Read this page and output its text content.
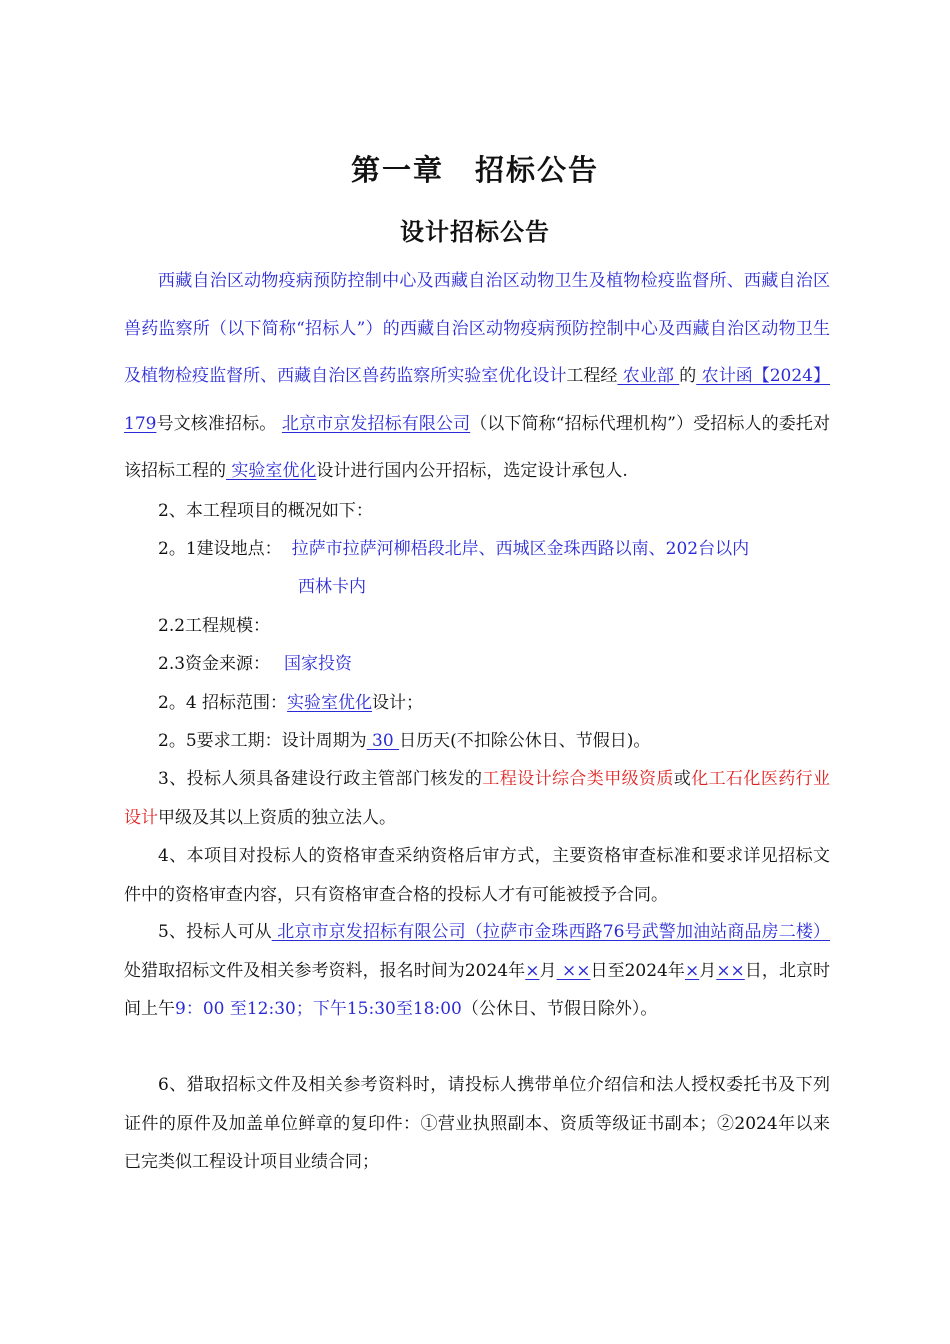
第一章　招标公告
设计招标公告

西藏自治区动物疫病预防控制中心及西藏自治区动物卫生及植物检疫监督所、西藏自治区兽药监察所（以下简称“招标人”）的西藏自治区动物疫病预防控制中心及西藏自治区动物卫生及植物检疫监督所、西藏自治区兽药监察所实验室优化设计工程经 农业部 的 农计函【2024】179号文核准招标。 北京市京发招标有限公司（以下简称“招标代理机构”）受招标人的委托对该招标工程的 实验室优化设计进行国内公开招标，选定设计承包人.

2、本工程项目的概况如下：

2。1建设地点： 拉萨市拉萨河柳梧段北岸、西城区金珠西路以南、202台以内
西林卡内
2.2工程规模：
2.3资金来源： 国家投资
2。4 招标范围：实验室优化设计；
2。5要求工期：设计周期为 30 日历天(不扣除公休日、节假日)。

3、投标人须具备建设行政主管部门核发的工程设计综合类甲级资质或化工石化医药行业设计甲级及其以上资质的独立法人。

4、本项目对投标人的资格审查采纳资格后审方式，主要资格审查标准和要求详见招标文件中的资格审查内容，只有资格审查合格的投标人才有可能被授予合同。

5、投标人可从 北京市京发招标有限公司（拉萨市金珠西路76号武警加油站商品房二楼） 处猎取招标文件及相关参考资料，报名时间为2024年×月 ××日至2024年×月××日，北京时间上午9：00 至12:30；下午15:30至18:00（公休日、节假日除外）。

6、猎取招标文件及相关参考资料时，请投标人携带单位介绍信和法人授权委托书及下列证件的原件及加盖单位鲜章的复印件：①营业执照副本、资质等级证书副本；②2024年以来已完类似工程设计项目业绩合同；
